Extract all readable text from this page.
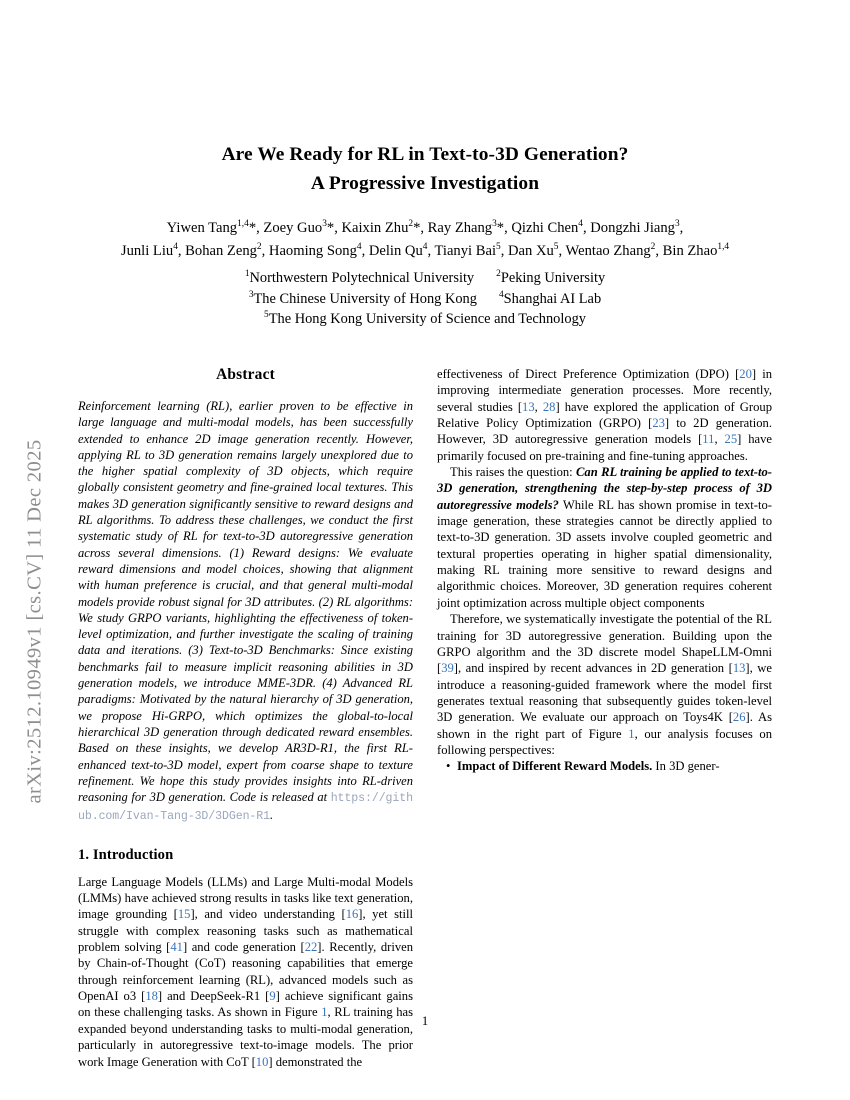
arXiv:2512.10949v1 [cs.CV] 11 Dec 2025
Are We Ready for RL in Text-to-3D Generation?
A Progressive Investigation
Yiwen Tang$^{1,4}$*, Zoey Guo$^3$*, Kaixin Zhu$^2$*, Ray Zhang$^3$*, Qizhi Chen$^4$, Dongzhi Jiang$^3$,
Junli Liu$^4$, Bohan Zeng$^2$, Haoming Song$^4$, Delin Qu$^4$, Tianyi Bai$^5$, Dan Xu$^5$, Wentao Zhang$^2$, Bin Zhao$^{1,4}$
$^1$Northwestern Polytechnical University $^2$Peking University
$^3$The Chinese University of Hong Kong $^4$Shanghai AI Lab
$^5$The Hong Kong University of Science and Technology
Abstract

Reinforcement learning (RL), earlier proven to be effective in large language and multi-modal models, has been successfully extended to enhance 2D image generation recently. However, applying RL to 3D generation remains largely unexplored due to the higher spatial complexity of 3D objects, which require globally consistent geometry and fine-grained local textures. This makes 3D generation significantly sensitive to reward designs and RL algorithms. To address these challenges, we conduct the first systematic study of RL for text-to-3D autoregressive generation across several dimensions. (1) Reward designs: We evaluate reward dimensions and model choices, showing that alignment with human preference is crucial, and that general multi-modal models provide robust signal for 3D attributes. (2) RL algorithms: We study GRPO variants, highlighting the effectiveness of token-level optimization, and further investigate the scaling of training data and iterations. (3) Text-to-3D Benchmarks: Since existing benchmarks fail to measure implicit reasoning abilities in 3D generation models, we introduce MME-3DR. (4) Advanced RL paradigms: Motivated by the natural hierarchy of 3D generation, we propose Hi-GRPO, which optimizes the global-to-local hierarchical 3D generation through dedicated reward ensembles. Based on these insights, we develop AR3D-R1, the first RL-enhanced text-to-3D model, expert from coarse shape to texture refinement. We hope this study provides insights into RL-driven reasoning for 3D generation. Code is released at https://github.com/Ivan-Tang-3D/3DGen-R1.

1. Introduction

Large Language Models (LLMs) and Large Multi-modal Models (LMMs) have achieved strong results in tasks like text generation, image grounding [15], and video understanding [16], yet still struggle with complex reasoning tasks such as mathematical problem solving [41] and code generation [22]. Recently, driven by Chain-of-Thought (CoT) reasoning capabilities that emerge through reinforcement learning (RL), advanced models such as OpenAI o3 [18] and DeepSeek-R1 [9] achieve significant gains on these challenging tasks. As shown in Figure 1, RL training has expanded beyond understanding tasks to multi-modal generation, particularly in autoregressive text-to-image models. The prior work Image Generation with CoT [10] demonstrated the

effectiveness of Direct Preference Optimization (DPO) [20] in improving intermediate generation processes. More recently, several studies [13, 28] have explored the application of Group Relative Policy Optimization (GRPO) [23] to 2D generation. However, 3D autoregressive generation models [11, 25] have primarily focused on pre-training and fine-tuning approaches.

This raises the question: Can RL training be applied to text-to-3D generation, strengthening the step-by-step process of 3D autoregressive models? While RL has shown promise in text-to-image generation, these strategies cannot be directly applied to text-to-3D generation. 3D assets involve coupled geometric and textural properties operating in higher spatial dimensionality, making RL training more sensitive to reward designs and algorithmic choices. Moreover, 3D generation requires coherent joint optimization across multiple object components

Therefore, we systematically investigate the potential of the RL training for 3D autoregressive generation. Building upon the GRPO algorithm and the 3D discrete model ShapeLLM-Omni [39], and inspired by recent advances in 2D generation [13], we introduce a reasoning-guided framework where the model first generates textual reasoning that subsequently guides token-level 3D generation. We evaluate our approach on Toys4K [26]. As shown in the right part of Figure 1, our analysis focuses on following perspectives:

• Impact of Different Reward Models. In 3D gener-
1
